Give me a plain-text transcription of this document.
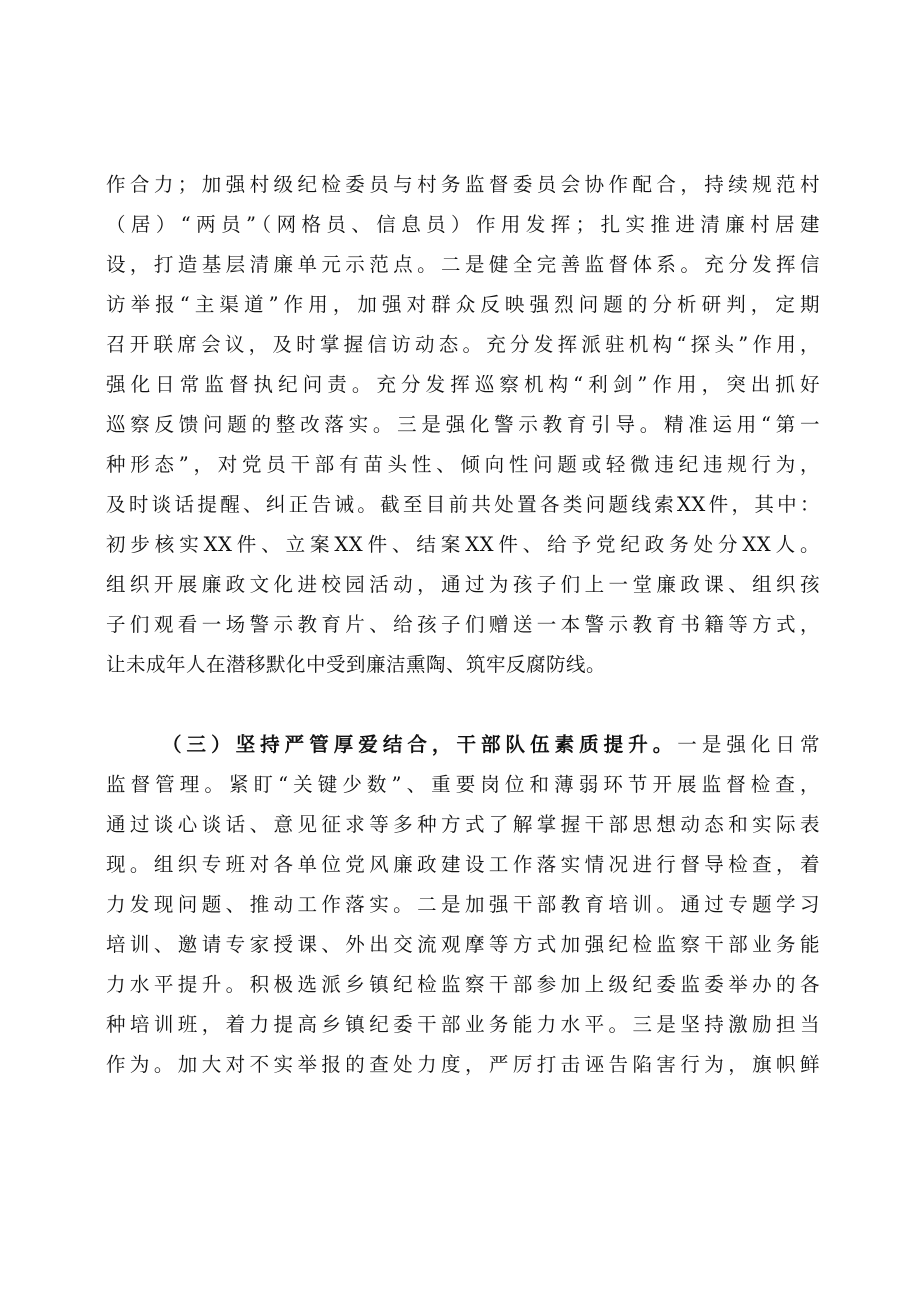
作合力；加强村级纪检委员与村务监督委员会协作配合，持续规范村
（居）“两员”（网格员、信息员）作用发挥；扎实推进清廉村居建
设，打造基层清廉单元示范点。二是健全完善监督体系。充分发挥信
访举报“主渠道”作用，加强对群众反映强烈问题的分析研判，定期
召开联席会议，及时掌握信访动态。充分发挥派驻机构“探头”作用，
强化日常监督执纪问责。充分发挥巡察机构“利剑”作用，突出抓好
巡察反馈问题的整改落实。三是强化警示教育引导。精准运用“第一
种形态”，对党员干部有苗头性、倾向性问题或轻微违纪违规行为，
及时谈话提醒、纠正告诫。截至目前共处置各类问题线索XX件，其中：
初步核实XX件、立案XX件、结案XX件、给予党纪政务处分XX人。
组织开展廉政文化进校园活动，通过为孩子们上一堂廉政课、组织孩
子们观看一场警示教育片、给孩子们赠送一本警示教育书籍等方式，
让未成年人在潜移默化中受到廉洁熏陶、筑牢反腐防线。
（三）坚持严管厚爱结合，干部队伍素质提升。一是强化日常
监督管理。紧盯“关键少数”、重要岗位和薄弱环节开展监督检查，
通过谈心谈话、意见征求等多种方式了解掌握干部思想动态和实际表
现。组织专班对各单位党风廉政建设工作落实情况进行督导检查，着
力发现问题、推动工作落实。二是加强干部教育培训。通过专题学习
培训、邀请专家授课、外出交流观摩等方式加强纪检监察干部业务能
力水平提升。积极选派乡镇纪检监察干部参加上级纪委监委举办的各
种培训班，着力提高乡镇纪委干部业务能力水平。三是坚持激励担当
作为。加大对不实举报的查处力度，严厉打击诬告陷害行为，旗帜鲜
